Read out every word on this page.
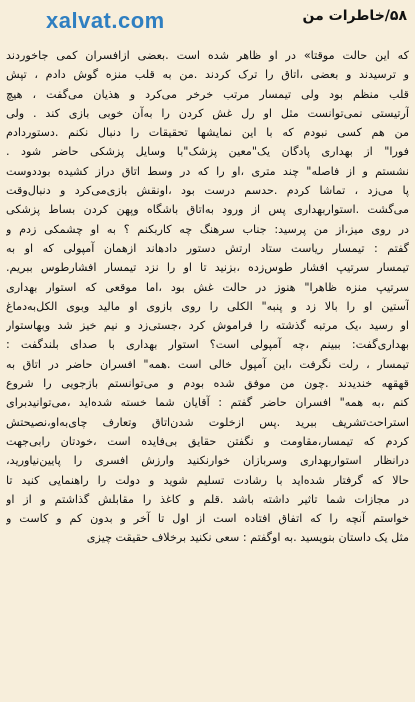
xalvat.com	۵۸/خاطرات من
که این حالت موقتا» در او ظاهر شده است .بعضی ازافسران کمی جاخوردند
و ترسیدند و بعضی ،اتاق را ترک کردند .من به قلب منزه گوش دادم ، تپش
قلب منظم بود ولی تیمسار مرتب خرخر می‌کرد و هذیان می‌گفت ، هیچ
آرتیستی نمی‌توانست مثل او رل غش کردن را به‌آن خوبی بازی کند . ولی
من هم کسی نبودم که با این نمایشها تحقیقات را دنبال نکنم .دستوردادم
فورا" از بهداری پادگان یک"معین پزشک"با وسایل پزشکی حاضر شود .
نشستم و از فاصله" چند متری ،او را که در وسط اتاق دراز کشیده بوددوست
پا می‌زد ، تماشا کردم .حدسم درست بود ،اونقش بازی‌می‌کرد و دنبال‌وقت
می‌گشت .استواربهداری پس از ورود به‌اتاق باشگاه وپهن کردن بساط پزشکی
در روی میز،از من پرسید: جناب سرهنگ چه کاربکنم ؟ به او چشمکی زدم و
گفتم : تیمسار ریاست ستاد ارتش دستور دادهاند ازهمان آمپولی که او به
تیمسار سرتیپ افشار طوس‌زده ،بزنید تا او را نزد تیمسار افشارطوس ببریم.
سرتیپ منزه ظاهرا" هنوز در حالت غش بود ،اما موقعی که استوار بهداری
آستین او را بالا زد و پنبه" الکلی را روی بازوی او مالید وبوی الکل‌به‌دماغ
او رسید ،یک مرتبه گذشته را فراموش کرد ،جستی‌زد و نیم خیز شد وبهاستوار
بهداری‌گفت: ببینم ،چه آمپولی است؟ استوار بهداری با صدای بلندگفت :
تیمسار ، رلت نگرفت ،این آمپول خالی است .همه" افسران حاضر در اتاق به
قهقهه خندیدند .چون من موفق شده بودم و می‌توانستم بازجویی را شروع
کنم ،به همه" افسران حاضر گفتم : آقایان شما خسته شده‌اید ،می‌توانیدبرای
استراحت‌تشریف ببرید .پس ازخلوت شدن‌اتاق وتعارف چای‌به‌او،نصیحتش
کردم که تیمسار،مقاومت و نگفتن حقایق بی‌فایده است ،خودتان رابی‌جهت
درانظار استواربهداری وسربازان خوارنکنید وارزش افسری را پایین‌نیاورید،
حالا که گرفتار شده‌اید با رشادت تسلیم شوید و دولت را راهنمایی کنید تا
در مجازات شما تاثیر داشته باشد .قلم و کاغذ را مقابلش گذاشتم و از او
خواستم آنچه را که اتفاق افتاده است از اول تا آخر و بدون کم و کاست و
مثل یک داستان بنویسید .به اوگفتم : سعی نکنید برخلاف حقیقت چیزی
